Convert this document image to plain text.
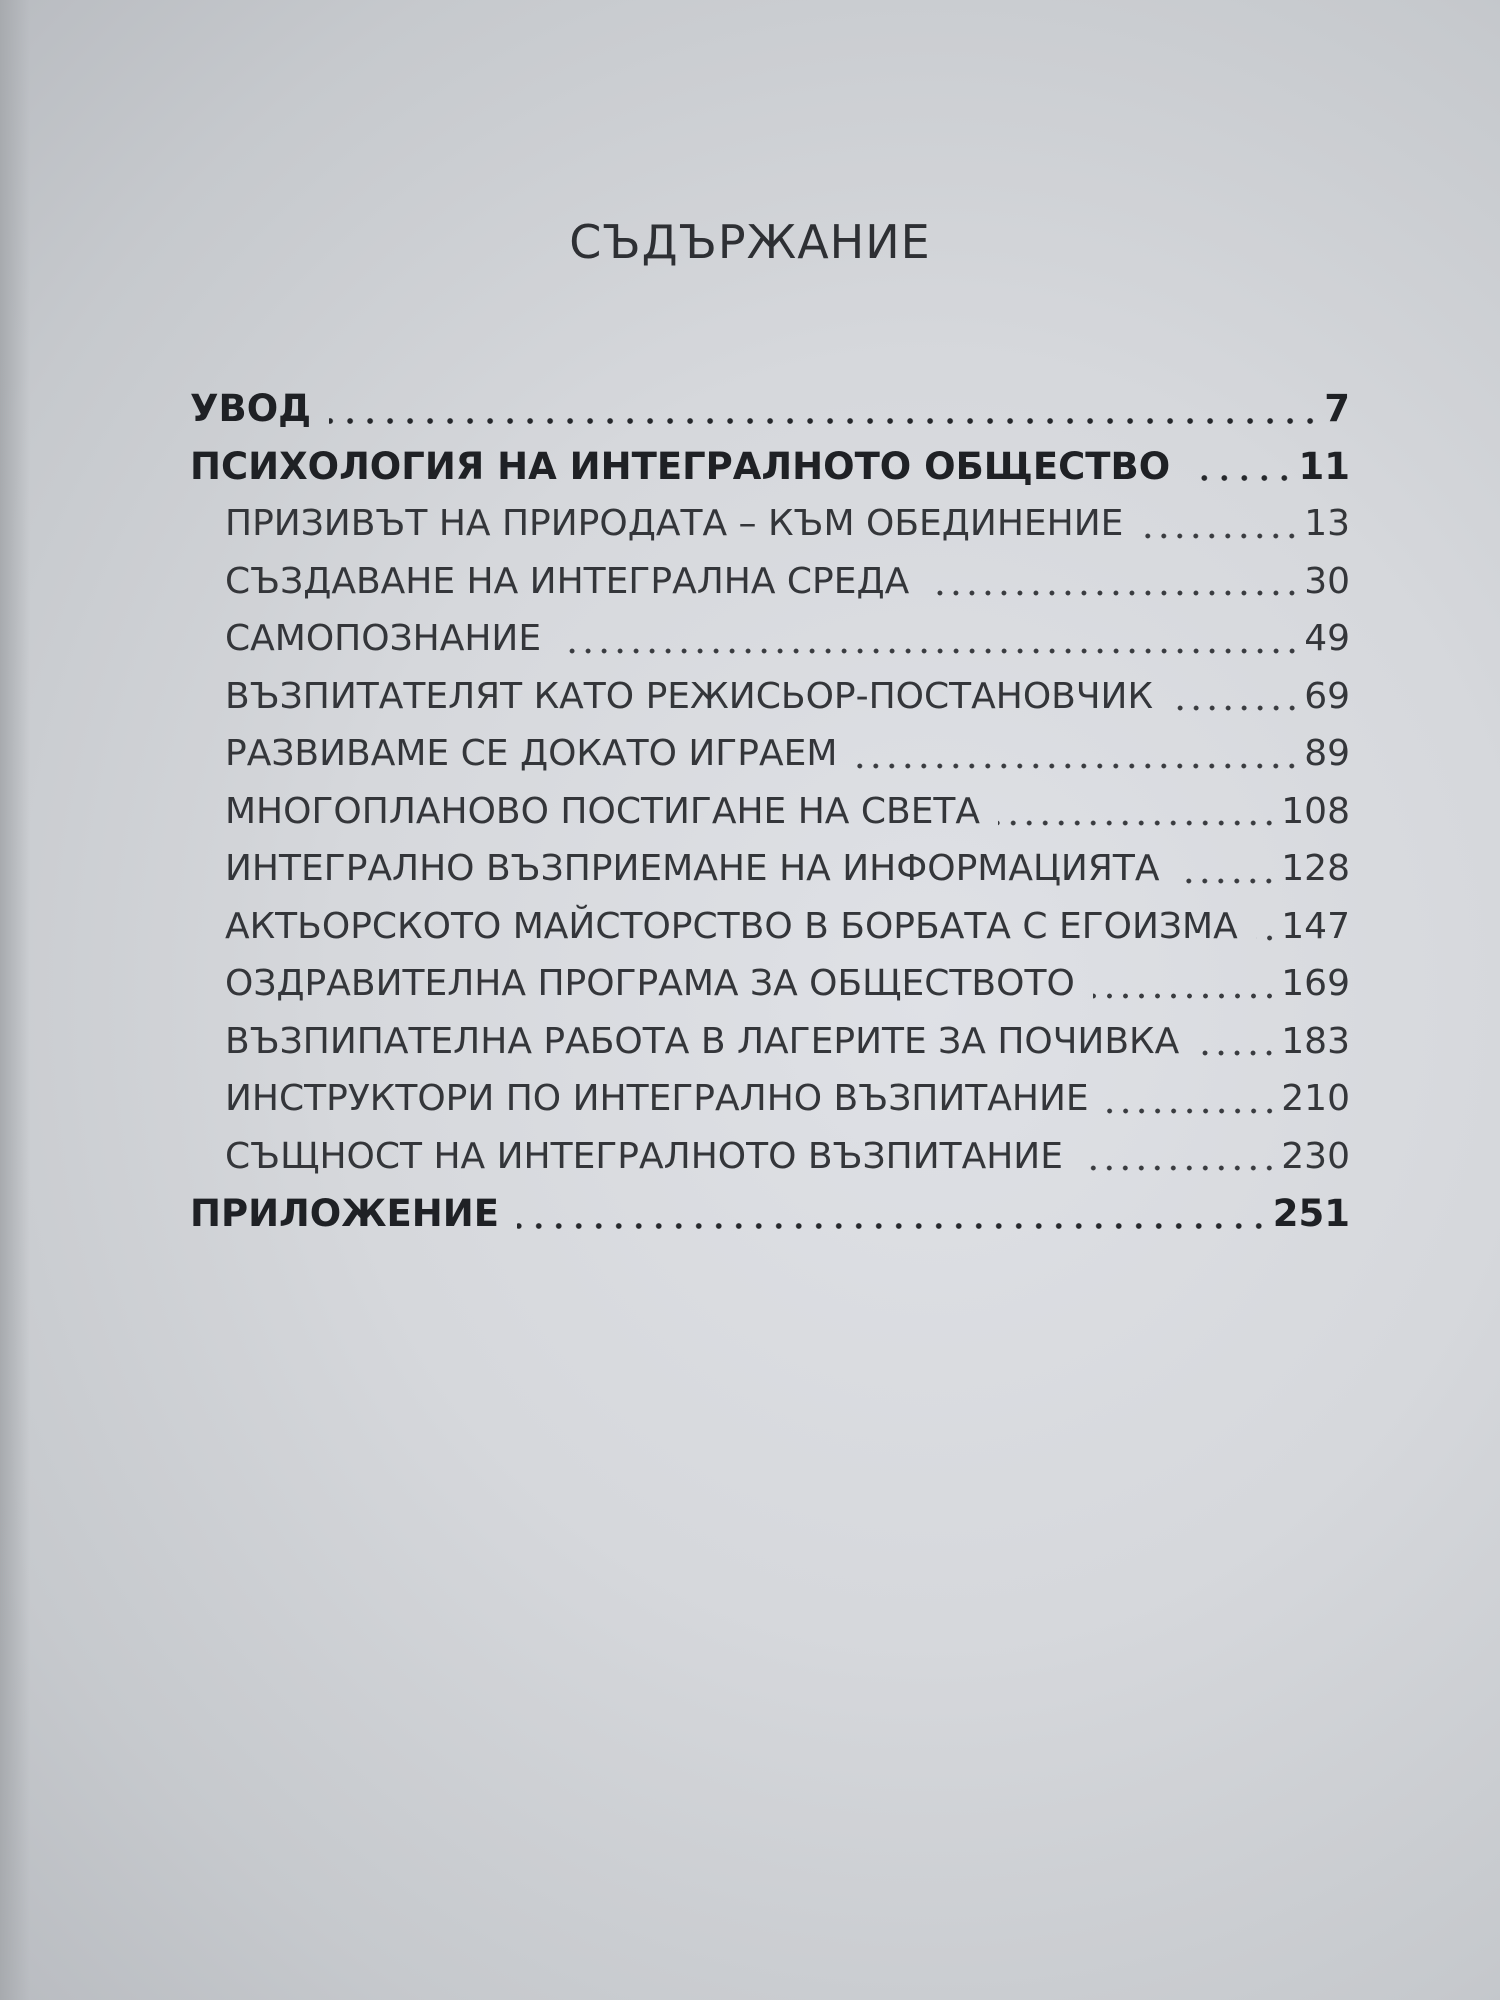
СЪДЪРЖАНИЕ
УВОД	7
ПСИХОЛОГИЯ НА ИНТЕГРАЛНОТО ОБЩЕСТВО	11
ПРИЗИВЪТ НА ПРИРОДАТА – КЪМ ОБЕДИНЕНИЕ	13
СЪЗДАВАНЕ НА ИНТЕГРАЛНА СРЕДА	30
САМОПОЗНАНИЕ	49
ВЪЗПИТАТЕЛЯТ КАТО РЕЖИСЬОР-ПОСТАНОВЧИК	69
РАЗВИВАМЕ СЕ ДОКАТО ИГРАЕМ	89
МНОГОПЛАНОВО ПОСТИГАНЕ НА СВЕТА	108
ИНТЕГРАЛНО ВЪЗПРИЕМАНЕ НА ИНФОРМАЦИЯТА	128
АКТЬОРСКОТО МАЙСТОРСТВО В БОРБАТА С ЕГОИЗМА 147
ОЗДРАВИТЕЛНА ПРОГРАМА ЗА ОБЩЕСТВОТО	169
ВЪЗПИПАТЕЛНА РАБОТА В ЛАГЕРИТЕ ЗА ПОЧИВКА	183
ИНСТРУКТОРИ ПО ИНТЕГРАЛНО ВЪЗПИТАНИЕ	210
СЪЩНОСТ НА ИНТЕГРАЛНОТО ВЪЗПИТАНИЕ	230
ПРИЛОЖЕНИЕ	251
